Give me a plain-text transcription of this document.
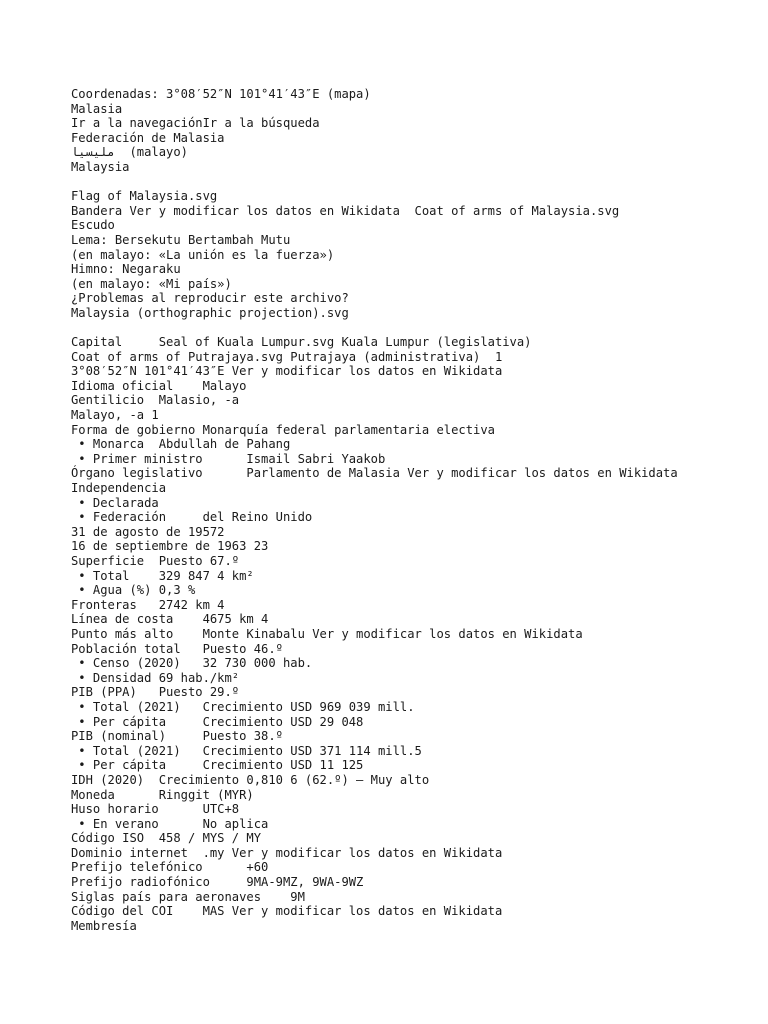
Coordenadas: 3°08′52″N 101°41′43″E (mapa)
Malasia
Ir a la navegaciónIr a la búsqueda
Federación de Malasia
ملیسيا  (malayo)
Malaysia
Flag of Malaysia.svg
Bandera Ver y modificar los datos en Wikidata  Coat of arms of Malaysia.svg
Escudo
Lema: Bersekutu Bertambah Mutu
(en malayo: «La unión es la fuerza»)
Himno: Negaraku
(en malayo: «Mi país»)
¿Problemas al reproducir este archivo?
Malaysia (orthographic projection).svg
Capital     Seal of Kuala Lumpur.svg Kuala Lumpur (legislativa)
Coat of arms of Putrajaya.svg Putrajaya (administrativa)  1
3°08′52″N 101°41′43″E Ver y modificar los datos en Wikidata
Idioma oficial    Malayo
Gentilicio  Malasio, -a
Malayo, -a 1
Forma de gobierno Monarquía federal parlamentaria electiva
• Monarca  Abdullah de Pahang
• Primer ministro      Ismail Sabri Yaakob
Órgano legislativo      Parlamento de Malasia Ver y modificar los datos en Wikidata
Independencia
• Declarada
• Federación     del Reino Unido
31 de agosto de 19572
16 de septiembre de 1963 23
Superficie  Puesto 67.º
• Total    329 847 4 km²
• Agua (%) 0,3 %
Fronteras   2742 km 4
Línea de costa    4675 km 4
Punto más alto    Monte Kinabalu Ver y modificar los datos en Wikidata
Población total   Puesto 46.º
• Censo (2020)   32 730 000 hab.
• Densidad 69 hab./km²
PIB (PPA)   Puesto 29.º
• Total (2021)   Crecimiento USD 969 039 mill.
• Per cápita     Crecimiento USD 29 048
PIB (nominal)     Puesto 38.º
• Total (2021)   Crecimiento USD 371 114 mill.5
• Per cápita     Crecimiento USD 11 125
IDH (2020)  Crecimiento 0,810 6 (62.º) – Muy alto
Moneda      Ringgit (MYR)
Huso horario      UTC+8
• En verano      No aplica
Código ISO  458 / MYS / MY
Dominio internet  .my Ver y modificar los datos en Wikidata
Prefijo telefónico      +60
Prefijo radiofónico     9MA-9MZ, 9WA-9WZ
Siglas país para aeronaves    9M
Código del COI    MAS Ver y modificar los datos en Wikidata
Membresía
